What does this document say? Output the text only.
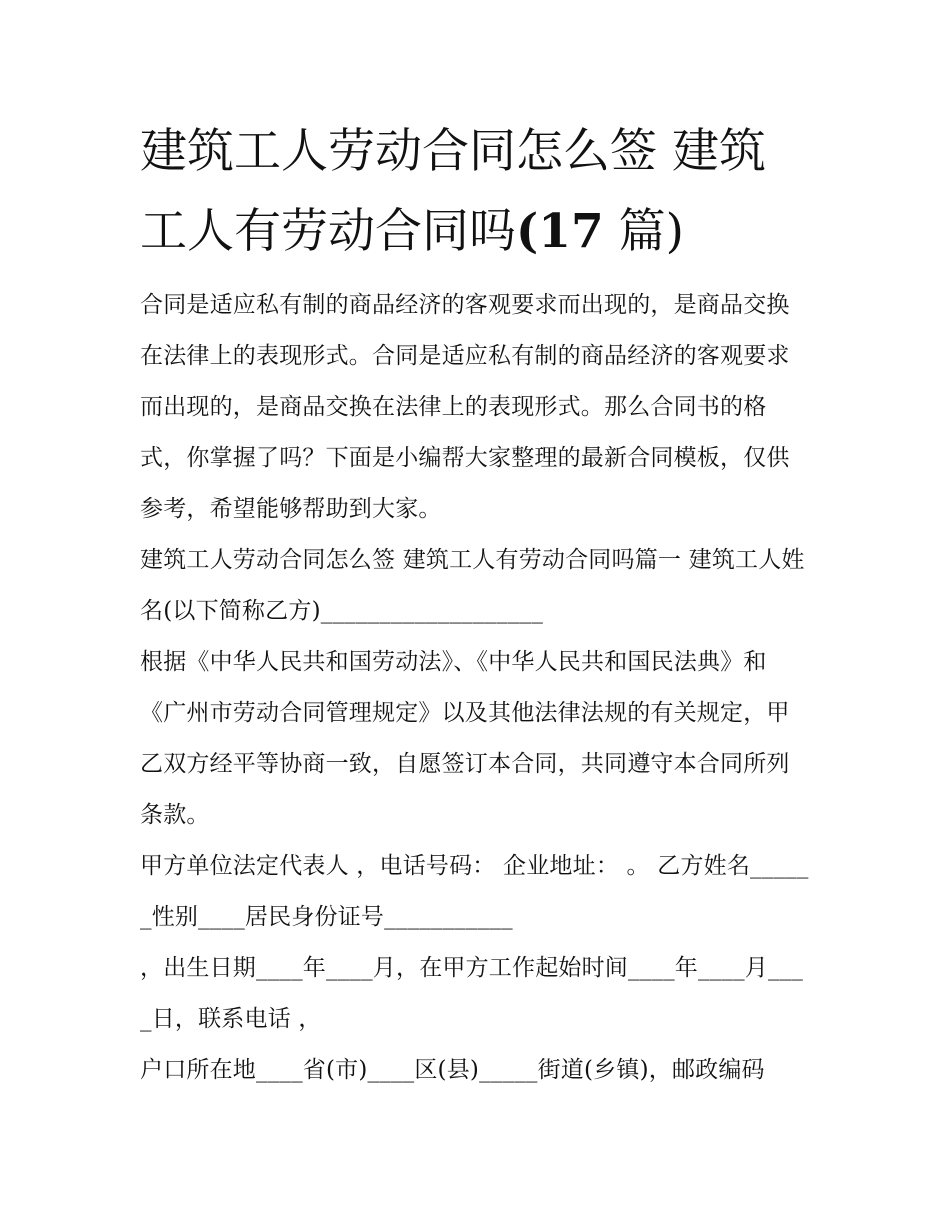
建筑工人劳动合同怎么签 建筑工人有劳动合同吗(17 篇)

合同是适应私有制的商品经济的客观要求而出现的，是商品交换在法律上的表现形式。合同是适应私有制的商品经济的客观要求而出现的，是商品交换在法律上的表现形式。那么合同书的格式，你掌握了吗？下面是小编帮大家整理的最新合同模板，仅供参考，希望能够帮助到大家。

建筑工人劳动合同怎么签 建筑工人有劳动合同吗篇一 建筑工人姓名(以下简称乙方)___________________

根据《中华人民共和国劳动法》、《中华人民共和国民法典》和《广州市劳动合同管理规定》以及其他法律法规的有关规定，甲乙双方经平等协商一致，自愿签订本合同，共同遵守本合同所列条款。

甲方单位法定代表人 ，电话号码： 企业地址： 。 乙方姓名______性别____居民身份证号___________

，出生日期____年____月，在甲方工作起始时间____年____月____日，联系电话 ，

户口所在地____省(市)____区(县)_____街道(乡镇)，邮政编码
